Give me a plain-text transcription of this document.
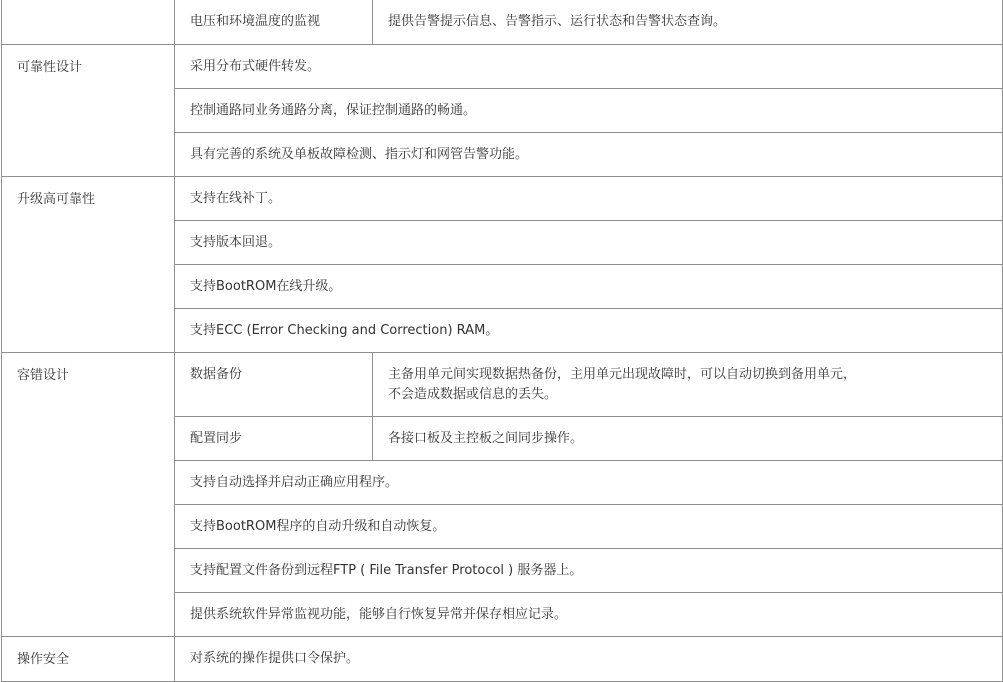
	电压和环境温度的监视	提供告警提示信息、告警指示、运行状态和告警状态查询。
可靠性设计	采用分布式硬件转发。	
	控制通路同业务通路分离，保证控制通路的畅通。	
	具有完善的系统及单板故障检测、指示灯和网管告警功能。	
升级高可靠性	支持在线补丁。	
	支持版本回退。	
	支持BootROM在线升级。	
	支持ECC (Error Checking and Correction) RAM。	
容错设计	数据备份	主备用单元间实现数据热备份，主用单元出现故障时，可以自动切换到备用单元，
不会造成数据或信息的丢失。

	配置同步	各接口板及主控板之间同步操作。
	支持自动选择并启动正确应用程序。	
	支持BootROM程序的自动升级和自动恢复。	
	支持配置文件备份到远程FTP ( File Transfer Protocol ) 服务器上。	
	提供系统软件异常监视功能，能够自行恢复异常并保存相应记录。	
操作安全	对系统的操作提供口令保护。	
